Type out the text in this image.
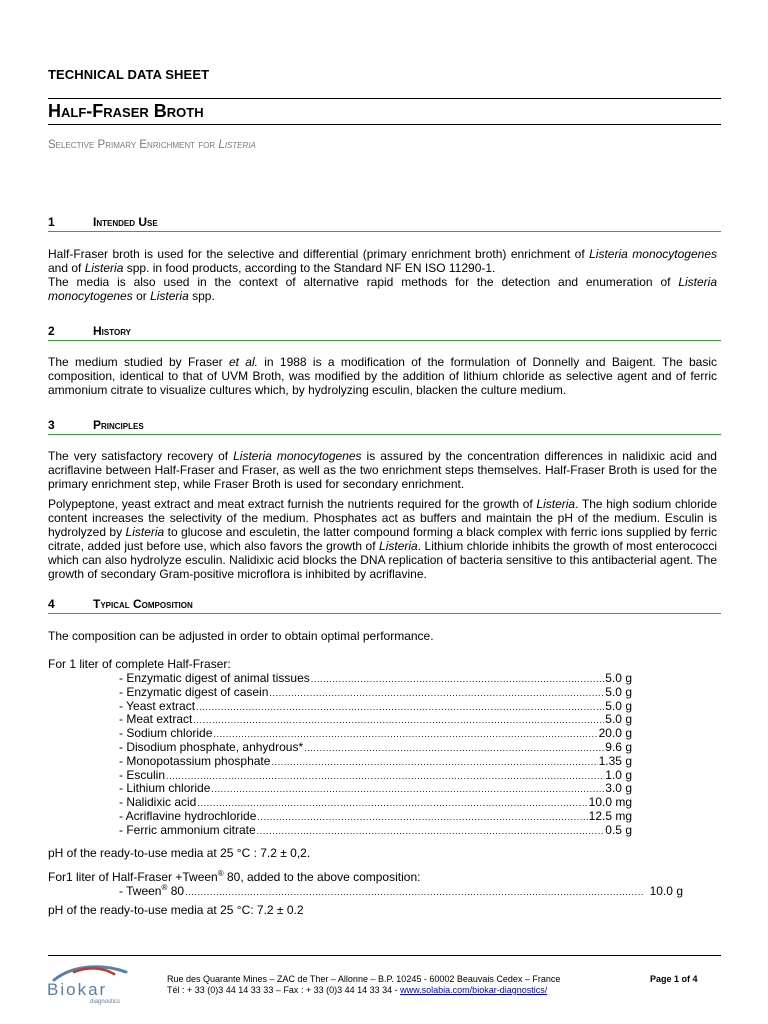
TECHNICAL DATA SHEET
Half-Fraser Broth
Selective Primary Enrichment for Listeria
1	Intended Use
Half-Fraser broth is used for the selective and differential (primary enrichment broth) enrichment of Listeria monocytogenes and of Listeria spp. in food products, according to the Standard NF EN ISO 11290-1.
The media is also used in the context of alternative rapid methods for the detection and enumeration of Listeria monocytogenes or Listeria spp.
2	History
The medium studied by Fraser et al. in 1988 is a modification of the formulation of Donnelly and Baigent. The basic composition, identical to that of UVM Broth, was modified by the addition of lithium chloride as selective agent and of ferric ammonium citrate to visualize cultures which, by hydrolyzing esculin, blacken the culture medium.
3	Principles
The very satisfactory recovery of Listeria monocytogenes is assured by the concentration differences in nalidixic acid and acriflavine between Half-Fraser and Fraser, as well as the two enrichment steps themselves. Half-Fraser Broth is used for the primary enrichment step, while Fraser Broth is used for secondary enrichment.
Polypeptone, yeast extract and meat extract furnish the nutrients required for the growth of Listeria. The high sodium chloride content increases the selectivity of the medium. Phosphates act as buffers and maintain the pH of the medium. Esculin is hydrolyzed by Listeria to glucose and esculetin, the latter compound forming a black complex with ferric ions supplied by ferric citrate, added just before use, which also favors the growth of Listeria. Lithium chloride inhibits the growth of most enterococci which can also hydrolyze esculin. Nalidixic acid blocks the DNA replication of bacteria sensitive to this antibacterial agent. The growth of secondary Gram-positive microflora is inhibited by acriflavine.
4	Typical Composition
The composition can be adjusted in order to obtain optimal performance.
For 1 liter of complete Half-Fraser:
- Enzymatic digest of animal tissues .....	5.0 g
- Enzymatic digest of casein .....	5.0 g
- Yeast extract .....	5.0 g
- Meat extract .....	5.0 g
- Sodium chloride .....	20.0 g
- Disodium phosphate, anhydrous* .....	9.6 g
- Monopotassium phosphate .....	1.35 g
- Esculin .....	1.0 g
- Lithium chloride .....	3.0 g
- Nalidixic acid .....	10.0 mg
- Acriflavine hydrochloride .....	12.5 mg
- Ferric ammonium citrate .....	0.5 g
pH of the ready-to-use media at 25 °C : 7.2 ± 0,2.
For1 liter of Half-Fraser +Tween® 80, added to the above composition:
- Tween® 80 .....	10.0 g
pH of the ready-to-use media at 25 °C: 7.2 ± 0.2
Biokar
diagnostics
Rue des Quarante Mines – ZAC de Ther – Allonne – B.P. 10245 - 60002 Beauvais Cedex – France
Tél : + 33 (0)3 44 14 33 33 – Fax : + 33 (0)3 44 14 33 34 - www.solabia.com/biokar-diagnostics/
Page 1 of 4
